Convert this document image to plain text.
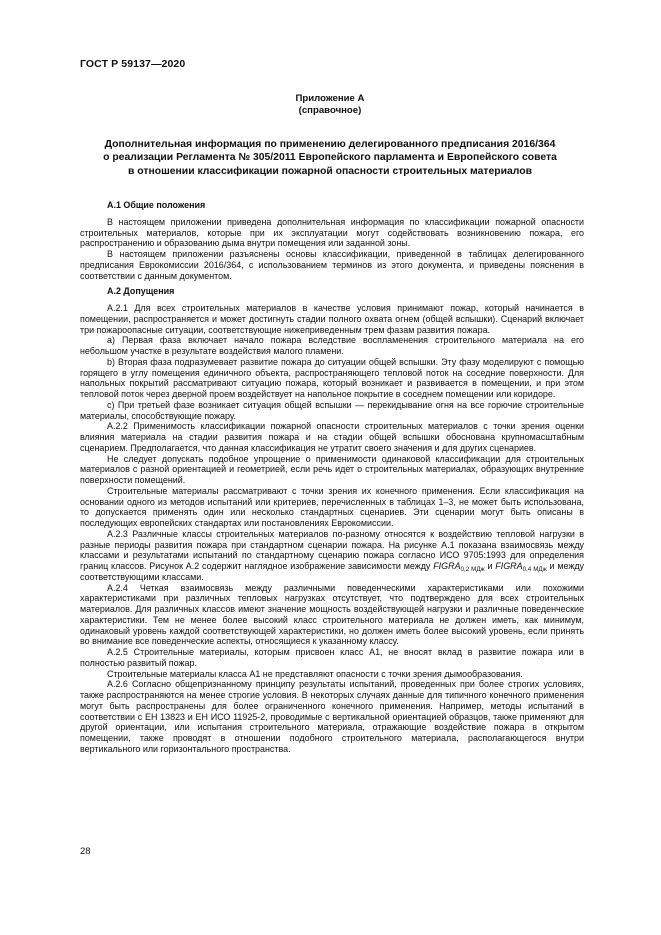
ГОСТ Р 59137—2020
Приложение А
(справочное)
Дополнительная информация по применению делегированного предписания 2016/364
о реализации Регламента № 305/2011 Европейского парламента и Европейского совета
в отношении классификации пожарной опасности строительных материалов
А.1 Общие положения

В настоящем приложении приведена дополнительная информация по классификации пожарной опасности строительных материалов, которые при их эксплуатации могут содействовать возникновению пожара, его распространению и образованию дыма внутри помещения или заданной зоны.

В настоящем приложении разъяснены основы классификации, приведенной в таблицах делегированного предписания Еврокомиссии 2016/364, с использованием терминов из этого документа, и приведены пояснения в соответствии с данным документом.

А.2 Допущения

А.2.1 Для всех строительных материалов в качестве условия принимают пожар, который начинается в помещении, распространяется и может достигнуть стадии полного охвата огнем (общей вспышки). Сценарий включает три пожароопасные ситуации, соответствующие нижеприведенным трем фазам развития пожара.

a) Первая фаза включает начало пожара вследствие воспламенения строительного материала на его небольшом участке в результате воздействия малого пламени.

b) Вторая фаза подразумевает развитие пожара до ситуации общей вспышки. Эту фазу моделируют с помощью горящего в углу помещения единичного объекта, распространяющего тепловой поток на соседние поверхности. Для напольных покрытий рассматривают ситуацию пожара, который возникает и развивается в помещении, и при этом тепловой поток через дверной проем воздействует на напольное покрытие в соседнем помещении или коридоре.

c) При третьей фазе возникает ситуация общей вспышки — перекидывание огня на все горючие строительные материалы, способствующие пожару.

А.2.2 Применимость классификации пожарной опасности строительных материалов с точки зрения оценки влияния материала на стадии развития пожара и на стадии общей вспышки обоснована крупномасштабным сценарием. Предполагается, что данная классификация не утратит своего значения и для других сценариев.

Не следует допускать подобное упрощение о применимости одинаковой классификации для строительных материалов с разной ориентацией и геометрией, если речь идет о строительных материалах, образующих внутренние поверхности помещений.

Строительные материалы рассматривают с точки зрения их конечного применения. Если классификация на основании одного из методов испытаний или критериев, перечисленных в таблицах 1–3, не может быть использована, то допускается применять один или несколько стандартных сценариев. Эти сценарии могут быть описаны в последующих европейских стандартах или постановлениях Еврокомиссии.

А.2.3 Различные классы строительных материалов по-разному относятся к воздействию тепловой нагрузки в разные периоды развития пожара при стандартном сценарии пожара. На рисунке А.1 показана взаимосвязь между классами и результатами испытаний по стандартному сценарию пожара согласно ИСО 9705:1993 для определения границ классов. Рисунок А.2 содержит наглядное изображение зависимости между $FIGRA_{0,2 МДж}$ и $FIGRA_{0,4 МДж}$ и между соответствующими классами.

А.2.4 Четкая взаимосвязь между различными поведенческими характеристиками или похожими характеристиками при различных тепловых нагрузках отсутствует, что подтверждено для всех строительных материалов. Для различных классов имеют значение мощность воздействующей нагрузки и различные поведенческие характеристики. Тем не менее более высокий класс строительного материала не должен иметь, как минимум, одинаковый уровень каждой соответствующей характеристики, но должен иметь более высокий уровень, если принять во внимание все поведенческие аспекты, относящиеся к указанному классу.

А.2.5 Строительные материалы, которым присвоен класс А1, не вносят вклад в развитие пожара или в полностью развитый пожар.

Строительные материалы класса А1 не представляют опасности с точки зрения дымообразования.

А.2.6 Согласно общепризнанному принципу результаты испытаний, проведенных при более строгих условиях, также распространяются на менее строгие условия. В некоторых случаях данные для типичного конечного применения могут быть распространены для более ограниченного конечного применения. Например, методы испытаний в соответствии с ЕН 13823 и ЕН ИСО 11925-2, проводимые с вертикальной ориентацией образцов, также применяют для другой ориентации, или испытания строительного материала, отражающие воздействие пожара в открытом помещении, также проводят в отношении подобного строительного материала, располагающегося внутри вертикального или горизонтального пространства.

28
